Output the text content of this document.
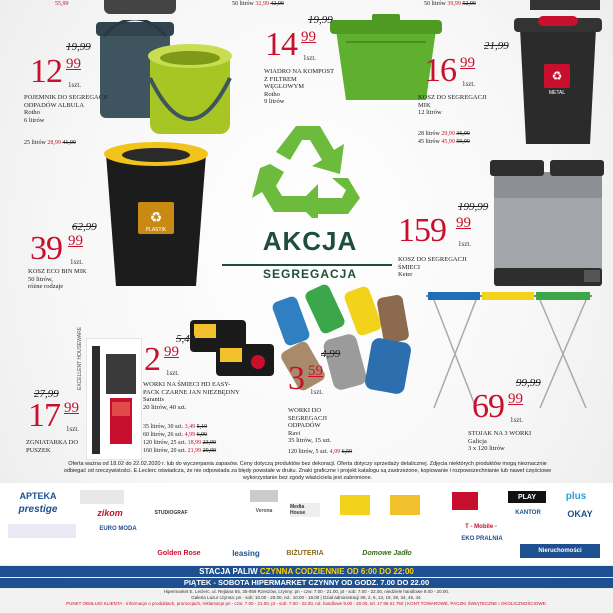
55,99	50 litrów 32,99 42,99	50 litrów 39,99 52,99
19,99
12 99
1szt.
POJEMNIK DO SEGREGACJI ODPADÓW ALBULA
Rotho
6 litrów
25 litrów 28,99 41,99
19,99
14 99
1szt.
WIADRO NA KOMPOST Z FILTREM WĘGLOWYM
Rotho
9 litrów
♻
METAL
21,99
16 99
1szt.
KOSZ DO SEGREGACJI MIK
12 litrów
28 litrów 29,99 36,99
45 litrów 45,99 59,99
AKCJA
SEGREGACJA
♻
PLASTIK
62,99
39 99
1szt.
KOSZ ECO BIN MIK
50 litrów,
różne rodzaje
199,99
159 99
1szt.
KOSZ DO SEGREGACJI ŚMIECI
Keter
5,49
2 99
1szt.
WORKI NA ŚMIECI HD EASY-PACK CZARNE JAN NIEZBĘDNY
Sarantis
20 litrów, 40 szt.
35 litrów, 30 szt. 3,49 5,19
60 litrów, 26 szt. 4,99 6,99
120 litrów, 25 szt. 18,99 23,99
160 litrów, 20 szt. 21,99 29,99
4,99
3 59
1szt.
WORKI DO SEGREGACJI ODPADÓW
Ravi
35 litrów, 15 szt.
120 litrów, 5 szt. 4,99 6,59
EXCELLENT HOUSEWARE
27,99
17 99
1szt.
ZGNIATARKA DO PUSZEK
99,99
69 99
1szt.
STOJAK NA 3 WORKI
Galicja
3 x 120 litrów
Oferta ważna od 18.02 do 22.02.2020 r. lub do wyczerpania zapasów. Ceny dotyczą produktów bez dekoracji. Oferta dotyczy sprzedaży detalicznej. Zdjęcia niektórych produktów mogą nieznacznie odbiegać od rzeczywistości. E.Leclerc oświadcza, że nie odpowiada za błędy powstałe w druku. Znaki graficzne i projekt katalogu są zastrzeżone, kopiowanie i rozpowszechnianie lub nawet częściowe wykorzystanie bez zgody właściciela jest zabronione.
APTEKA
prestige	zikom	STUDIOGRAF	Verona
Media House
PLAY	plus
KANTOR	OKAY
EURO MODA	T - Mobile -
EKO PRALNIA
Golden Rose	leasing	BIŻUTERIA	Domowe Jadło	Nieruchomości
STACJA PALIW CZYNNA CODZIENNIE OD 6:00 DO 22:00
PIĄTEK - SOBOTA HIPERMARKET CZYNNY OD GODZ. 7.00 DO 22.00
Hipermarket E. Leclerc, ul. Rejtana 65, 35-959 Rzeszów, czynny: pn - czw: 7.00 - 21.00, pt - sob: 7.00 - 22.00, niedziele handlowe 9.00 - 20.00.
Galeria Lazur czynna: pn - sob: 10.00 - 20.00, nd.: 10.00 - 18.00 | Dział administracji 06, 2, 6, 13, 19, 28, 34, 45, 44.
PUNKT OBSŁUGI KLIENTA - Informacje o produktach, promocjach, reklamacje pn - czw: 7.00 - 21.00, pt - sob: 7.00 - 22.00, nd. handlowe 9.00 - 20.00, tel. 17 86 51 750 | KONT TOWAROWE, PACZKI ŚWIĄTECZNE I OKOLICZNOŚCIOWE:
